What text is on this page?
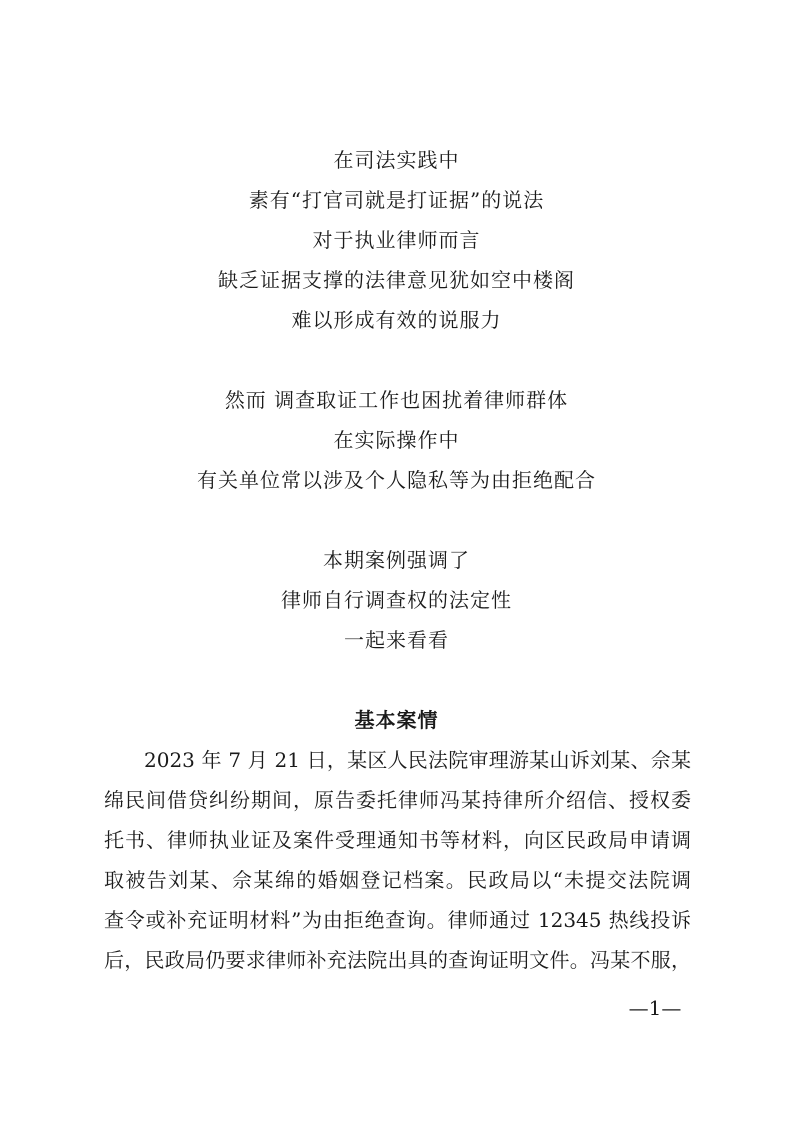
在司法实践中
素有“打官司就是打证据”的说法
对于执业律师而言
缺乏证据支撑的法律意见犹如空中楼阁
难以形成有效的说服力
然而 调查取证工作也困扰着律师群体
在实际操作中
有关单位常以涉及个人隐私等为由拒绝配合
本期案例强调了
律师自行调查权的法定性
一起来看看
基本案情
2023 年 7 月 21 日，某区人民法院审理游某山诉刘某、佘某
绵民间借贷纠纷期间，原告委托律师冯某持律所介绍信、授权委
托书、律师执业证及案件受理通知书等材料，向区民政局申请调
取被告刘某、佘某绵的婚姻登记档案。民政局以“未提交法院调
查令或补充证明材料”为由拒绝查询。律师通过 12345 热线投诉
后，民政局仍要求律师补充法院出具的查询证明文件。冯某不服，
—1—
